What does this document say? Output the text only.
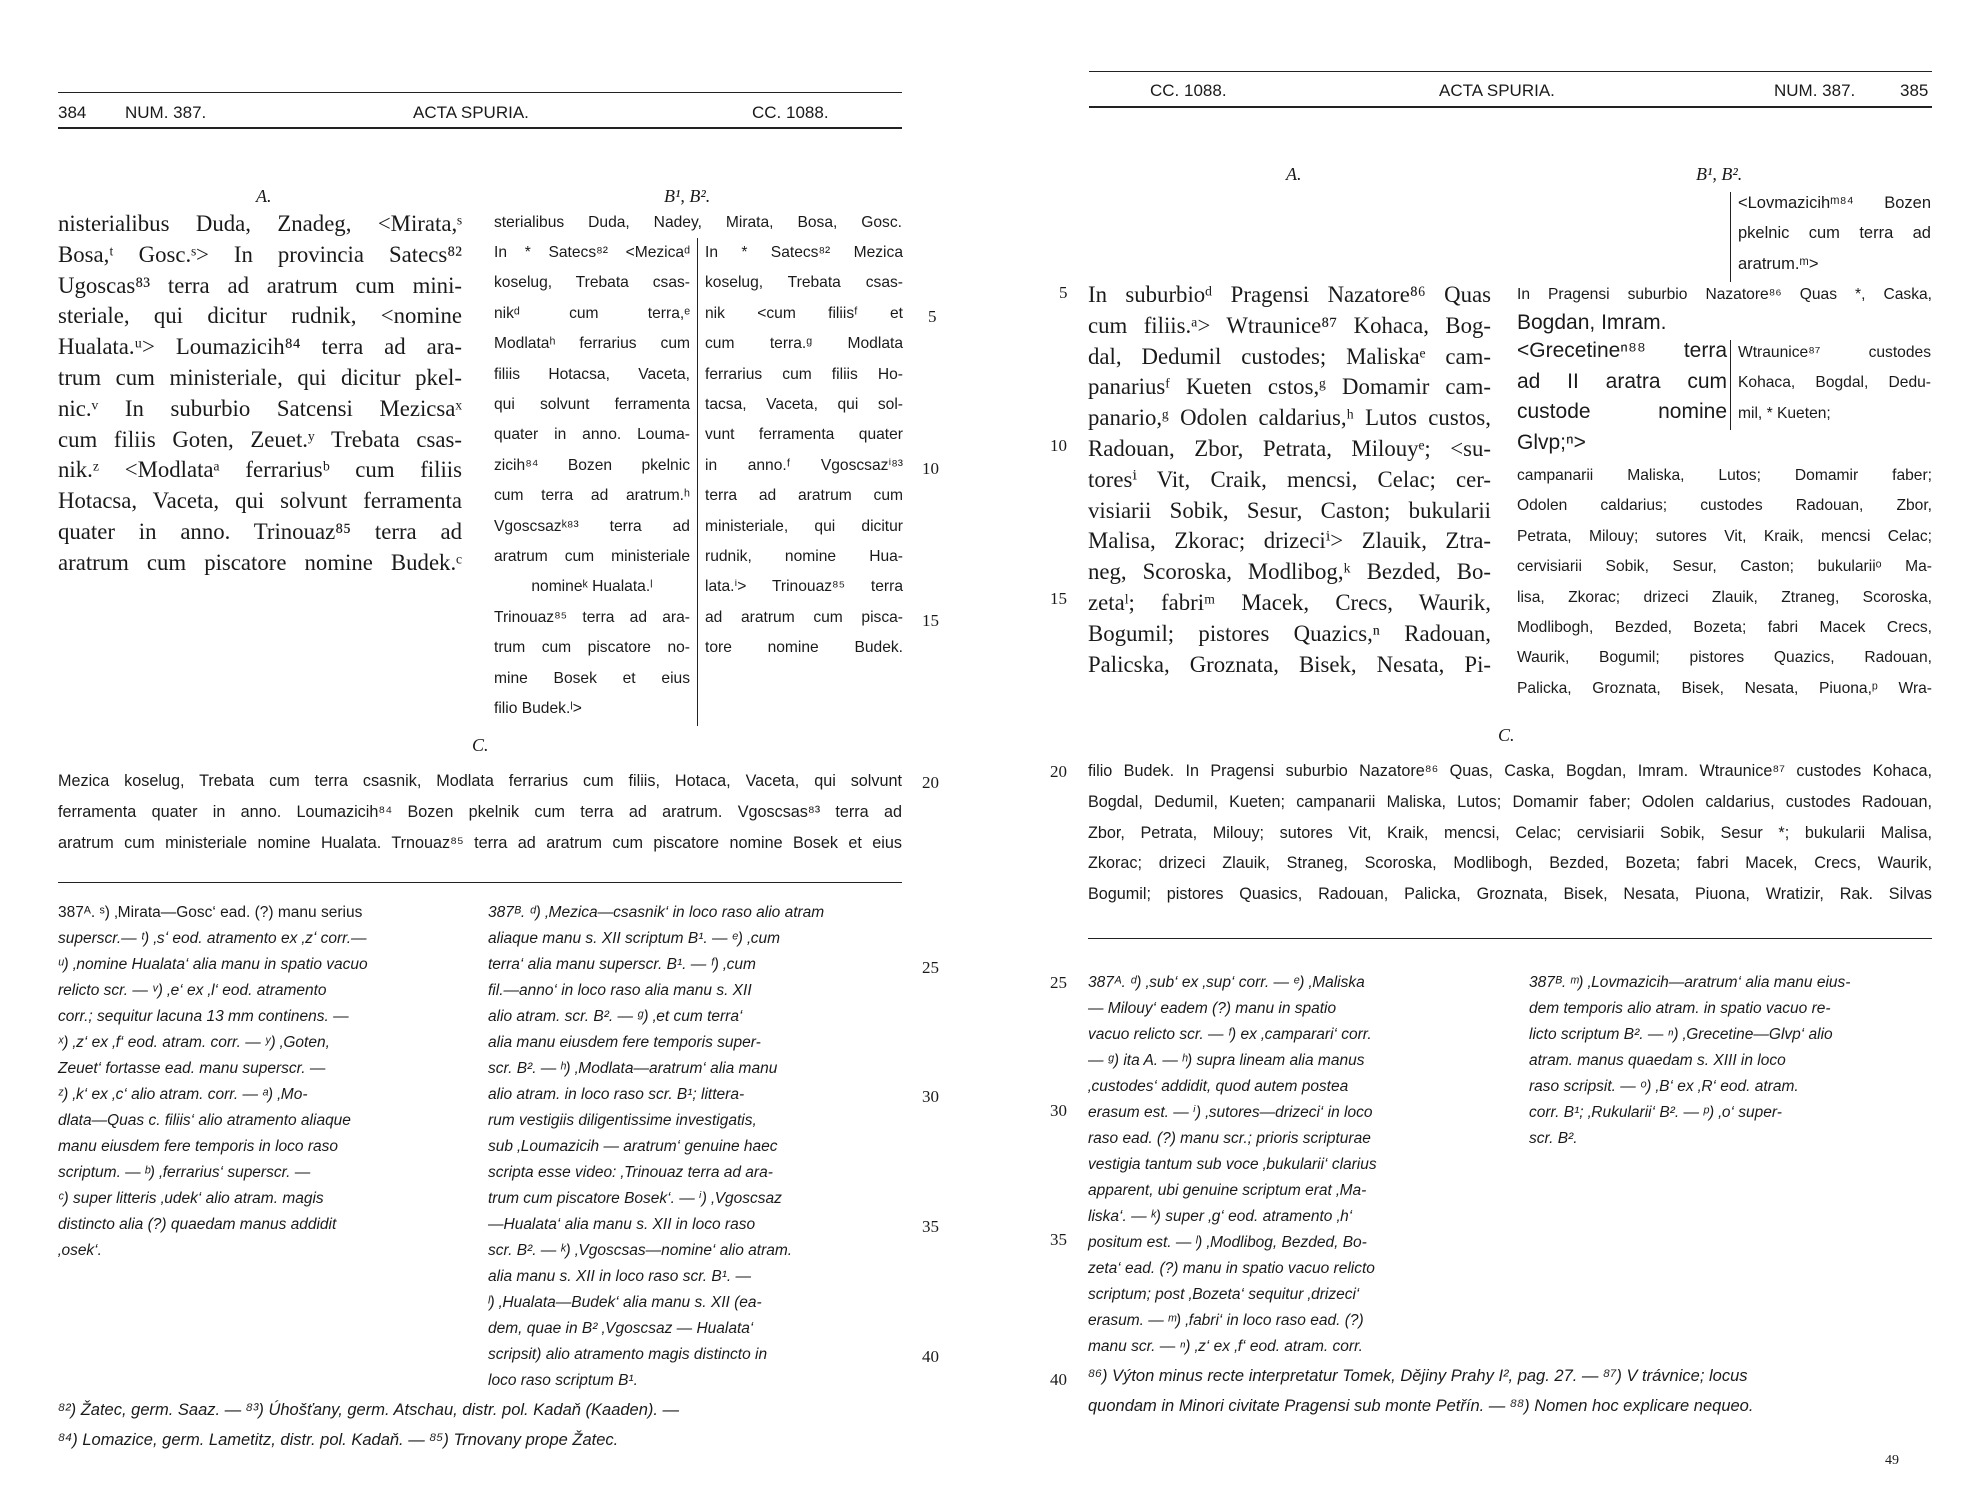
384 NUM. 387.	ACTA SPURIA.	CC. 1088.
A.	B¹, B².
nisterialibus Duda, Znadeg, <Mirata,ˢ
Bosa,ᵗ Gosc.ˢ> In provincia Satecs⁸²
Ugoscas⁸³ terra ad aratrum cum mini-
steriale, qui dicitur rudnik, <nomine
Hualata.ᵘ> Loumazicih⁸⁴ terra ad ara-
trum cum ministeriale, qui dicitur pkel-
nic.ᵛ In suburbio Satcensi Mezicsaˣ
cum filiis Goten, Zeuet.ʸ Trebata csas-
nik.ᶻ <Modlataᵃ ferrariusᵇ cum filiis
Hotacsa, Vaceta, qui solvunt ferramenta
quater in anno. Trinouaz⁸⁵ terra ad
aratrum cum piscatore nomine Budek.ᶜ
sterialibus Duda, Nadey, Mirata, Bosa, Gosc.
In * Satecs⁸² <Mezicaᵈ
koselug, Trebata csas-
nikᵈ cum terra,ᵉ
Modlataʰ ferrarius cum
filiis Hotacsa, Vaceta,
qui solvunt ferramenta
quater in anno. Louma-
zicih⁸⁴ Bozen pkelnic
cum terra ad aratrum.ʰ
Vgoscsazᵏ⁸³ terra ad
aratrum cum ministeriale
nomineᵏ Hualata.ˡ
Trinouaz⁸⁵ terra ad ara-
trum cum piscatore no-
mine Bosek et eius
filio Budek.ˡ>
In * Satecs⁸² Mezica
koselug, Trebata csas-
nik <cum filiisᶠ et
cum terra.ᵍ Modlata
ferrarius cum filiis Ho-
tacsa, Vaceta, qui sol-
vunt ferramenta quater
in anno.ᶠ Vgoscsazⁱ⁸³
terra ad aratrum cum
ministeriale, qui dicitur
rudnik, nomine Hua-
lata.ⁱ> Trinouaz⁸⁵ terra
ad aratrum cum pisca-
tore nomine Budek.
5
10
15
20
25
30
35
40
C.
Mezica koselug, Trebata cum terra csasnik, Modlata ferrarius cum filiis, Hotaca, Vaceta, qui solvunt
ferramenta quater in anno. Loumazicih⁸⁴ Bozen pkelnik cum terra ad aratrum. Vgoscsas⁸³ terra ad
aratrum cum ministeriale nomine Hualata. Trnouaz⁸⁵ terra ad aratrum cum piscatore nomine Bosek et eius
387ᴬ. ˢ) ‚Mirata—Gosc‘ ead. (?) manu serius
superscr.— ᵗ) ‚sʻ eod. atramento ex ‚zʻ corr.—
ᵘ) ‚nomine Hualata‘ alia manu in spatio vacuo
relicto scr. — ᵛ) ‚e‘ ex ‚l‘ eod. atramento
corr.; sequitur lacuna 13 mm continens. —
ˣ) ‚z‘ ex ‚f‘ eod. atram. corr. — ʸ) ‚Goten,
Zeuet‘ fortasse ead. manu superscr. —
ᶻ) ‚k‘ ex ‚c‘ alio atram. corr. — ᵃ) ‚Mo-
dlata—Quas c. filiis‘ alio atramento aliaque
manu eiusdem fere temporis in loco raso
scriptum. — ᵇ) ‚ferrarius‘ superscr. —
ᶜ) super litteris ‚udek‘ alio atram. magis
distincto alia (?) quaedam manus addidit
‚osek‘.
387ᴮ. ᵈ) ‚Mezica—csasnik‘ in loco raso alio atram
aliaque manu s. XII scriptum B¹. — ᵉ) ‚cum
terra‘ alia manu superscr. B¹. — ᶠ) ‚cum
fil.—anno‘ in loco raso alia manu s. XII
alio atram. scr. B². — ᵍ) ‚et cum terra‘
alia manu eiusdem fere temporis super-
scr. B². — ʰ) ‚Modlata—aratrum‘ alia manu
alio atram. in loco raso scr. B¹; littera-
rum vestigiis diligentissime investigatis,
sub ‚Loumazicih — aratrum‘ genuine haec
scripta esse video: ‚Trinouaz terra ad ara-
trum cum piscatore Bosek‘. — ⁱ) ‚Vgoscsaz
—Hualata‘ alia manu s. XII in loco raso
scr. B². — ᵏ) ‚Vgoscsas—nomine‘ alio atram.
alia manu s. XII in loco raso scr. B¹. —
ˡ) ‚Hualata—Budek‘ alia manu s. XII (ea-
dem, quae in B² ‚Vgoscsaz — Hualata‘
scripsit) alio atramento magis distincto in
loco raso scriptum B¹.
⁸²) Žatec, germ. Saaz. — ⁸³) Úhošťany, germ. Atschau, distr. pol. Kadaň (Kaaden). —
⁸⁴) Lomazice, germ. Lametitz, distr. pol. Kadaň. — ⁸⁵) Trnovany prope Žatec.
CC. 1088.	ACTA SPURIA.	NUM. 387.	385
A.	B¹, B².
<Lovmazicihᵐ⁸⁴ Bozen
pkelnic cum terra ad
aratrum.ᵐ>
In suburbioᵈ Pragensi Nazatore⁸⁶ Quas
cum filiis.ᵃ> Wtraunice⁸⁷ Kohaca, Bog-
dal, Dedumil custodes; Maliskaᵉ cam-
panariusᶠ Kueten cstos,ᵍ Domamir cam-
panario,ᵍ Odolen caldarius,ʰ Lutos custos,
Radouan, Zbor, Petrata, Milouyᵉ; <su-
toresⁱ Vit, Craik, mencsi, Celac; cer-
visiarii Sobik, Sesur, Caston; bukularii
Malisa, Zkorac; drizeciⁱ> Zlauik, Ztra-
neg, Scoroska, Modlibog,ᵏ Bezded, Bo-
zetaˡ; fabriᵐ Macek, Crecs, Waurik,
Bogumil; pistores Quazics,ⁿ Radouan,
Palicska, Groznata, Bisek, Nesata, Pi-
In Pragensi suburbio Nazatore⁸⁶ Quas *, Caska,
Bogdan, Imram.
<Grecetineⁿ⁸⁸ terra
ad II aratra cum
custode nomine
Glvp;ⁿ>
Wtraunice⁸⁷ custodes
Kohaca, Bogdal, Dedu-
mil, * Kueten;
campanarii Maliska, Lutos; Domamir faber;
Odolen caldarius; custodes Radouan, Zbor,
Petrata, Milouy; sutores Vit, Kraik, mencsi Celac;
cervisiarii Sobik, Sesur, Caston; bukulariiᵒ Ma-
lisa, Zkorac; drizeci Zlauik, Ztraneg, Scoroska,
Modlibogh, Bezded, Bozeta; fabri Macek Crecs,
Waurik, Bogumil; pistores Quazics, Radouan,
Palicka, Groznata, Bisek, Nesata, Piuona,ᵖ Wra-
5
10
15
20
25
30
35
40
C.
filio Budek. In Pragensi suburbio Nazatore⁸⁶ Quas, Caska, Bogdan, Imram. Wtraunice⁸⁷ custodes Kohaca,
Bogdal, Dedumil, Kueten; campanarii Maliska, Lutos; Domamir faber; Odolen caldarius, custodes Radouan,
Zbor, Petrata, Milouy; sutores Vit, Kraik, mencsi, Celac; cervisiarii Sobik, Sesur *; bukularii Malisa,
Zkorac; drizeci Zlauik, Straneg, Scoroska, Modlibogh, Bezded, Bozeta; fabri Macek, Crecs, Waurik,
Bogumil; pistores Quasics, Radouan, Palicka, Groznata, Bisek, Nesata, Piuona, Wratizir, Rak. Silvas
387ᴬ. ᵈ) ‚sub‘ ex ‚sup‘ corr. — ᵉ) ‚Maliska
— Milouy‘ eadem (?) manu in spatio
vacuo relicto scr. — ᶠ) ex ‚camparari‘ corr.
— ᵍ) ita A. — ʰ) supra lineam alia manus
‚custodes‘ addidit, quod autem postea
erasum est. — ⁱ) ‚sutores—drizeci‘ in loco
raso ead. (?) manu scr.; prioris scripturae
vestigia tantum sub voce ‚bukularii‘ clarius
apparent, ubi genuine scriptum erat ‚Ma-
liska‘. — ᵏ) super ‚g‘ eod. atramento ‚h‘
positum est. — ˡ) ‚Modlibog, Bezded, Bo-
zeta‘ ead. (?) manu in spatio vacuo relicto
scriptum; post ‚Bozeta‘ sequitur ‚drizeci‘
erasum. — ᵐ) ‚fabri‘ in loco raso ead. (?)
manu scr. — ⁿ) ‚z‘ ex ‚f‘ eod. atram. corr.
387ᴮ. ᵐ) ‚Lovmazicih—aratrum‘ alia manu eius-
dem temporis alio atram. in spatio vacuo re-
licto scriptum B². — ⁿ) ‚Grecetine—Glvp‘ alio
atram. manus quaedam s. XIII in loco
raso scripsit. — ᵒ) ‚B‘ ex ‚R‘ eod. atram.
corr. B¹; ‚Rukularii‘ B². — ᵖ) ‚o‘ super-
scr. B².
⁸⁶) Výton minus recte interpretatur Tomek, Dějiny Prahy I², pag. 27. — ⁸⁷) V trávnice; locus
quondam in Minori civitate Pragensi sub monte Petřín. — ⁸⁸) Nomen hoc explicare nequeo.
49
